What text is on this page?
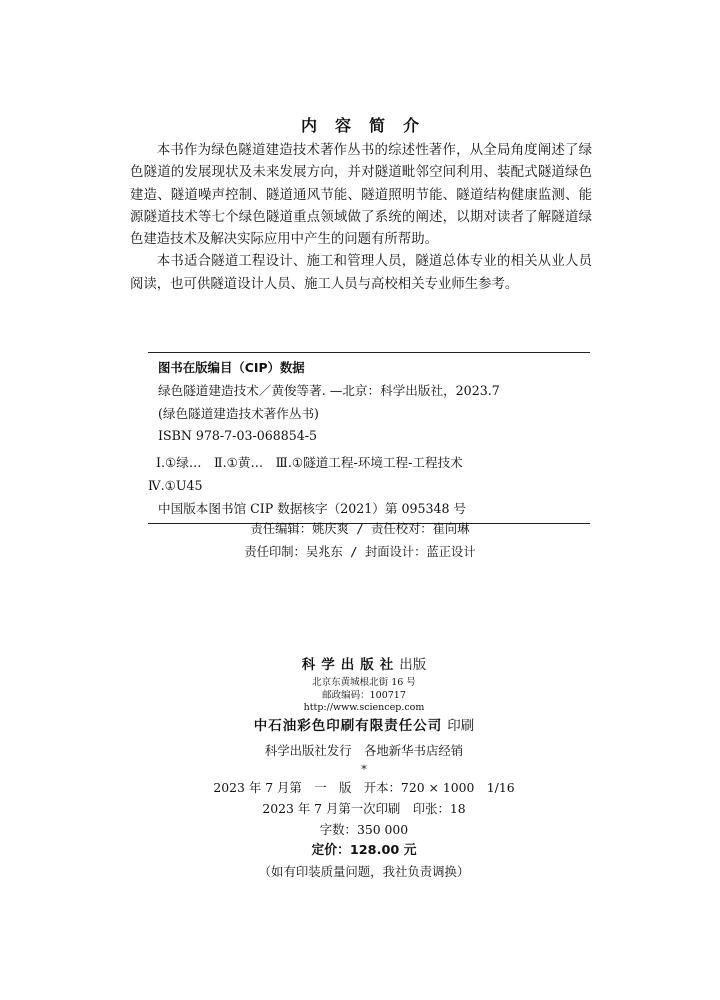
内容简介

本书作为绿色隧道建造技术著作丛书的综述性著作，从全局角度阐述了绿色隧道的发展现状及未来发展方向，并对隧道毗邻空间利用、装配式隧道绿色建造、隧道噪声控制、隧道通风节能、隧道照明节能、隧道结构健康监测、能源隧道技术等七个绿色隧道重点领域做了系统的阐述，以期对读者了解隧道绿色建造技术及解决实际应用中产生的问题有所帮助。

本书适合隧道工程设计、施工和管理人员，隧道总体专业的相关从业人员阅读，也可供隧道设计人员、施工人员与高校相关专业师生参考。

图书在版编目（CIP）数据
绿色隧道建造技术／黄俊等著. —北京：科学出版社，2023.7
(绿色隧道建造技术著作丛书)
ISBN 978-7-03-068854-5
Ⅰ.①绿…　Ⅱ.①黄…　Ⅲ.①隧道工程-环境工程-工程技术
Ⅳ.①U45
中国版本图书馆 CIP 数据核字（2021）第 095348 号
责任编辑：姚庆爽 / 责任校对：崔向琳
责任印制：吴兆东 / 封面设计：蓝正设计
科学出版社出版
北京东黄城根北街 16 号
邮政编码：100717
http://www.sciencep.com
中石油彩色印刷有限责任公司 印刷
科学出版社发行　各地新华书店经销
*
2023 年 7 月第　一　版　开本：720 × 1000　1/16
2023 年 7 月第一次印刷　印张：18
字数：350 000
定价：128.00 元
（如有印装质量问题，我社负责调换）
